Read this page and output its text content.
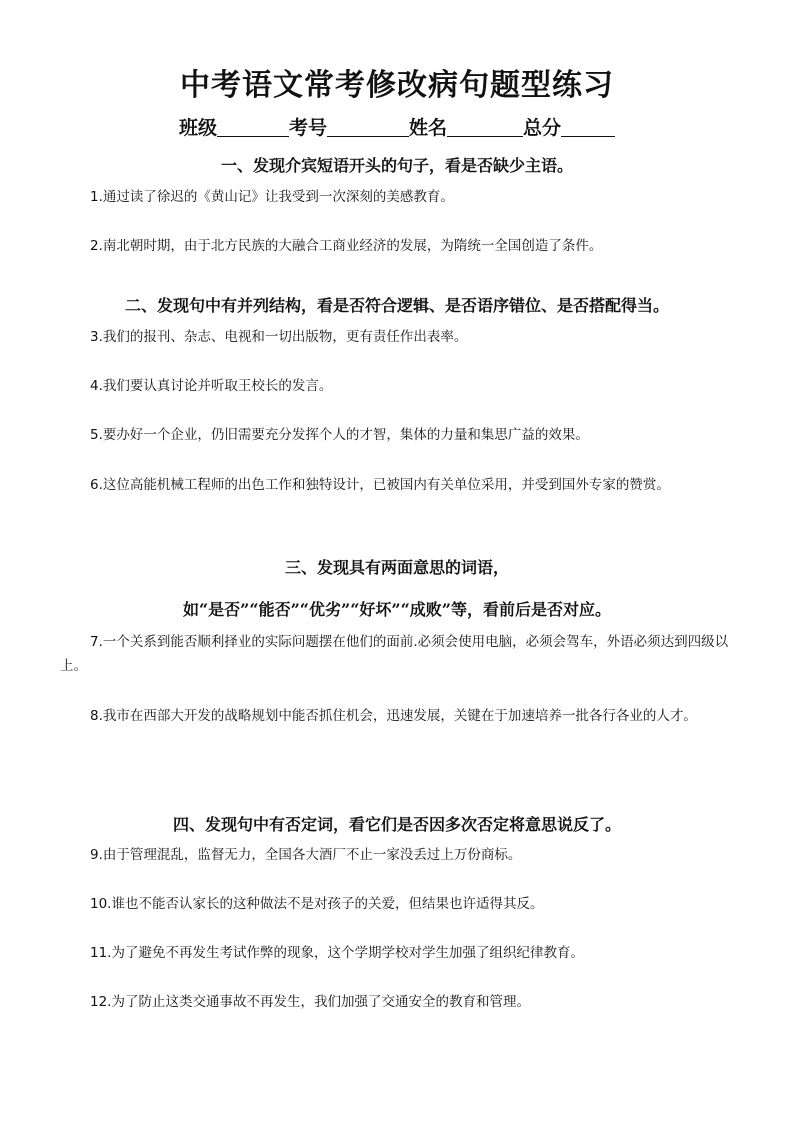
中考语文常考修改病句题型练习
班级	考号	姓名	总分
一、发现介宾短语开头的句子，看是否缺少主语。
1.通过读了徐迟的《黄山记》让我受到一次深刻的美感教育。
2.南北朝时期，由于北方民族的大融合工商业经济的发展，为隋统一全国创造了条件。
二、发现句中有并列结构，看是否符合逻辑、是否语序错位、是否搭配得当。
3.我们的报刊、杂志、电视和一切出版物，更有责任作出表率。
4.我们要认真讨论并听取王校长的发言。
5.要办好一个企业，仍旧需要充分发挥个人的才智，集体的力量和集思广益的效果。
6.这位高能机械工程师的出色工作和独特设计，已被国内有关单位采用，并受到国外专家的赞赏。
三、发现具有两面意思的词语，
如“是否”“能否”“优劣”“好坏”“成败”等，看前后是否对应。
7.一个关系到能否顺利择业的实际问题摆在他们的面前.必须会使用电脑，必须会驾车，外语必须达到四级以上。
8.我市在西部大开发的战略规划中能否抓住机会，迅速发展，关键在于加速培养一批各行各业的人才。
四、发现句中有否定词，看它们是否因多次否定将意思说反了。
9.由于管理混乱，监督无力，全国各大酒厂不止一家没丢过上万份商标。
10.谁也不能否认家长的这种做法不是对孩子的关爱，但结果也许适得其反。
11.为了避免不再发生考试作弊的现象，这个学期学校对学生加强了组织纪律教育。
12.为了防止这类交通事故不再发生，我们加强了交通安全的教育和管理。
